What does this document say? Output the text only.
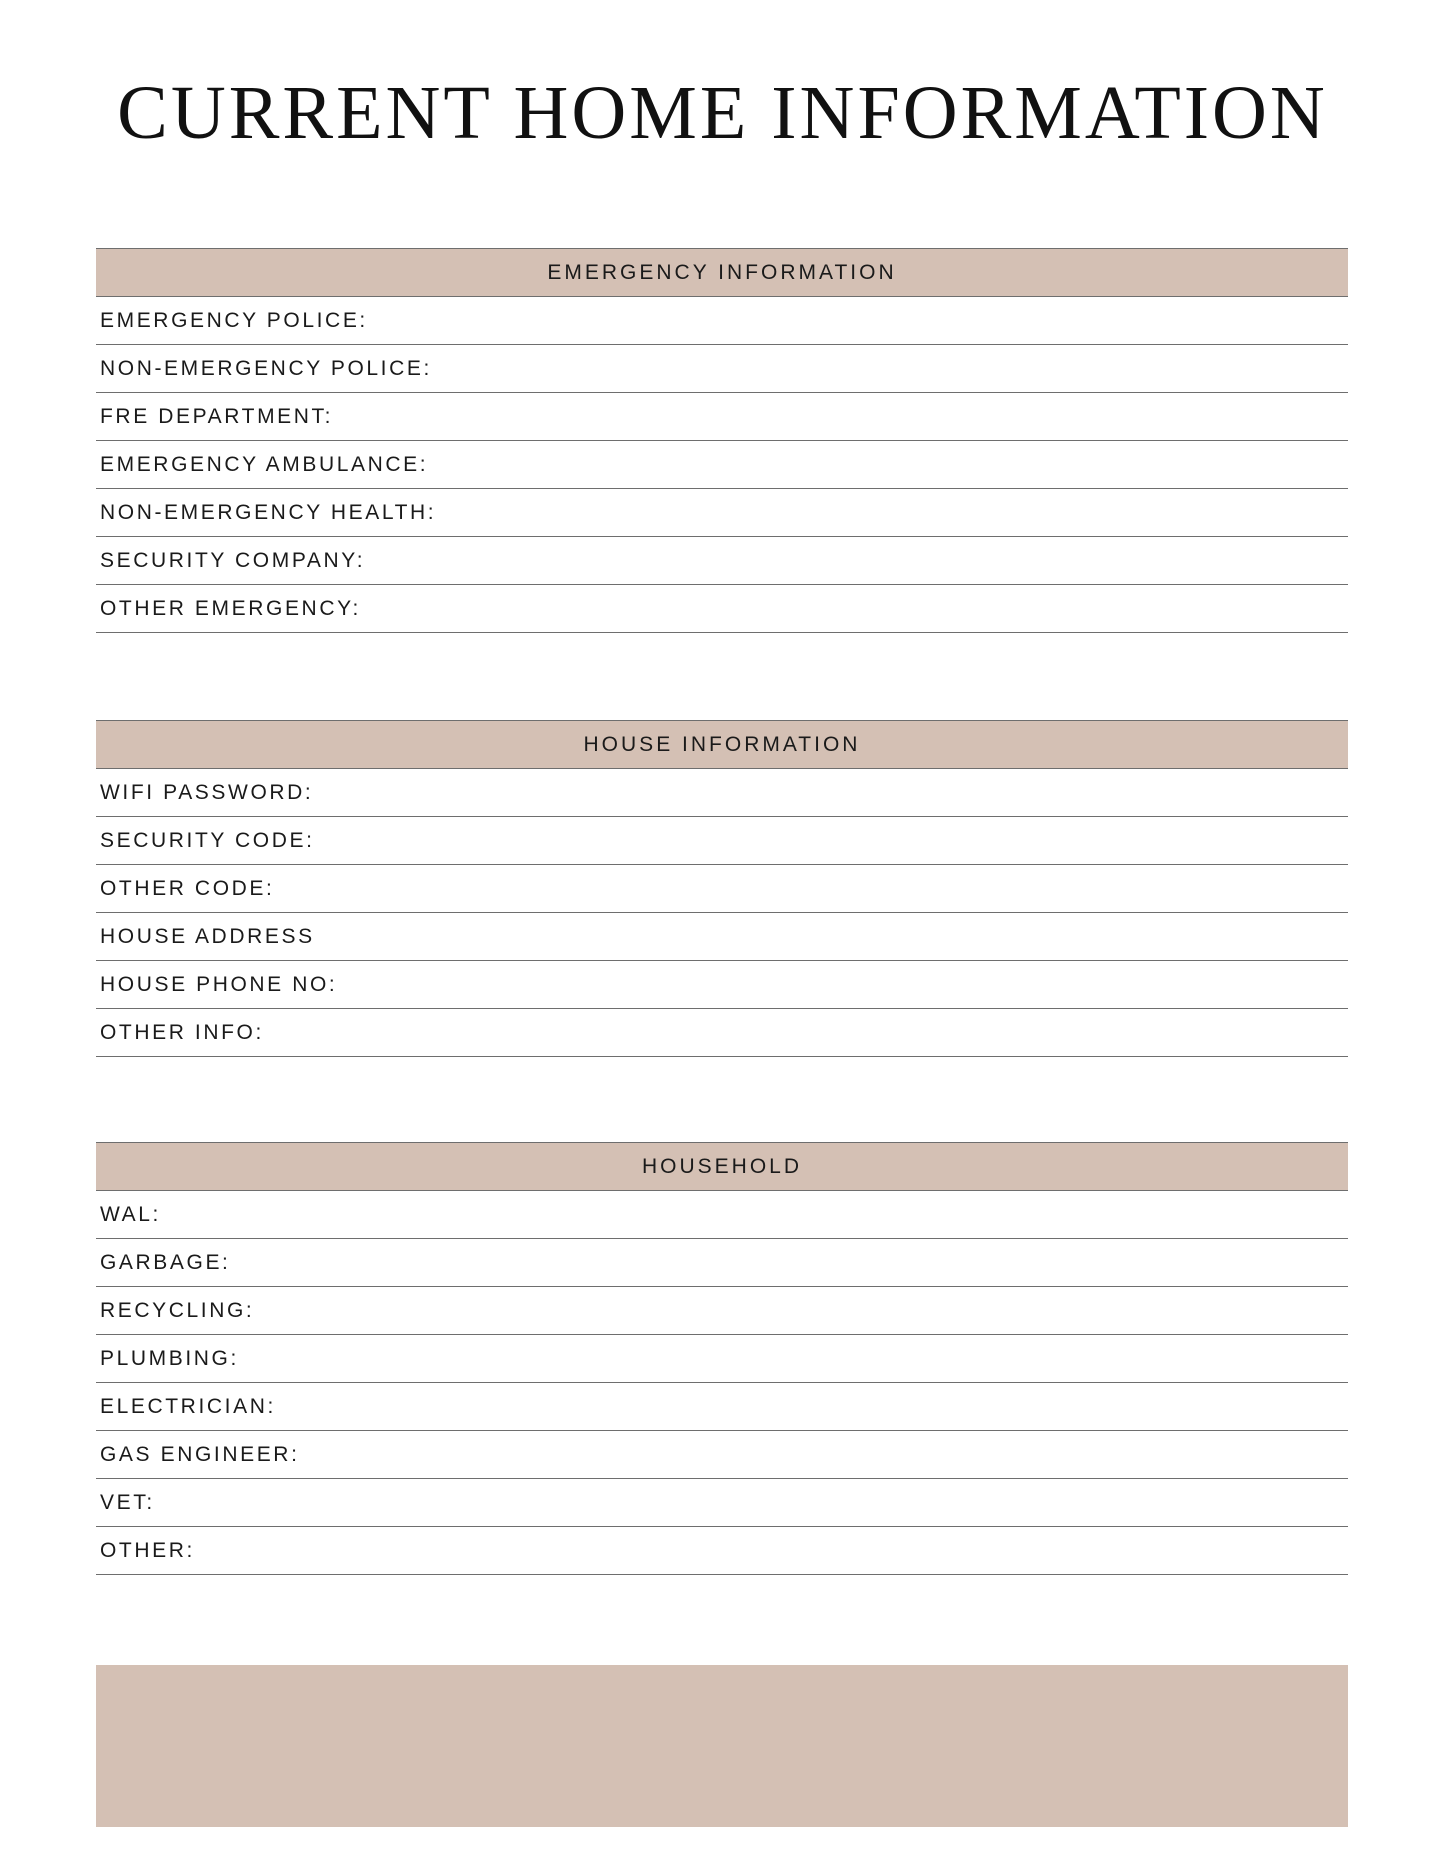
CURRENT HOME INFORMATION
EMERGENCY INFORMATION
EMERGENCY POLICE:
NON-EMERGENCY POLICE:
FRE DEPARTMENT:
EMERGENCY AMBULANCE:
NON-EMERGENCY HEALTH:
SECURITY COMPANY:
OTHER EMERGENCY:
HOUSE INFORMATION
WIFI PASSWORD:
SECURITY CODE:
OTHER CODE:
HOUSE ADDRESS
HOUSE PHONE NO:
OTHER INFO:
HOUSEHOLD
WAL:
GARBAGE:
RECYCLING:
PLUMBING:
ELECTRICIAN:
GAS ENGINEER:
VET:
OTHER:
